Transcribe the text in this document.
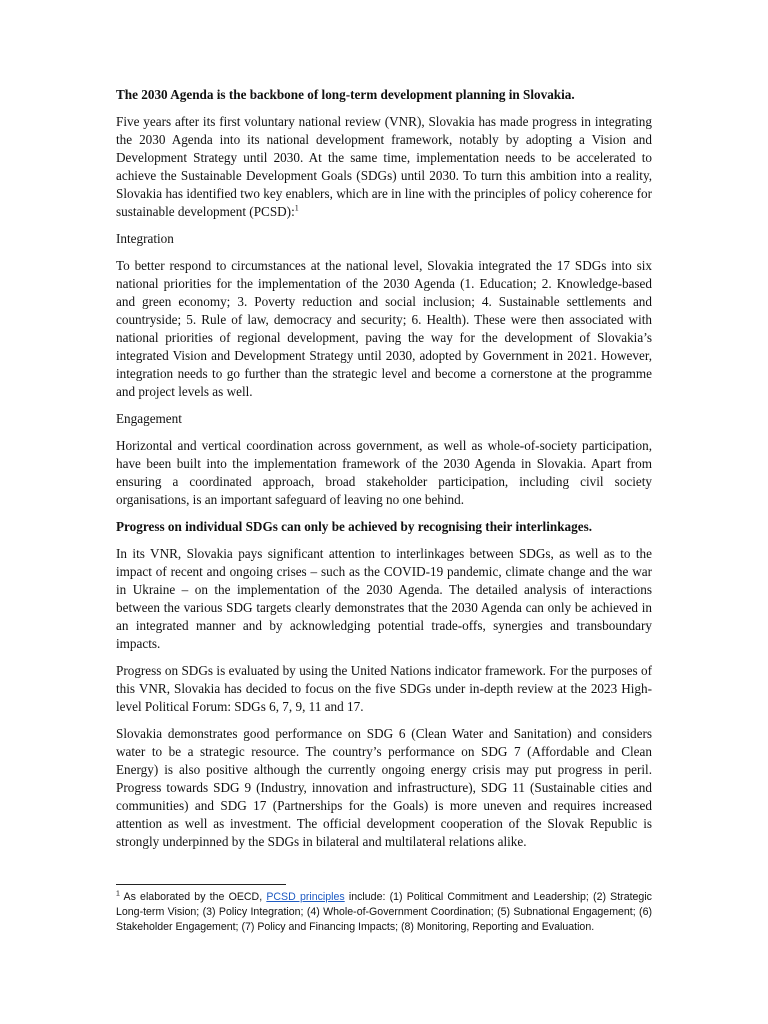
The 2030 Agenda is the backbone of long-term development planning in Slovakia.

Five years after its first voluntary national review (VNR), Slovakia has made progress in integrating the 2030 Agenda into its national development framework, notably by adopting a Vision and Development Strategy until 2030. At the same time, implementation needs to be accelerated to achieve the Sustainable Development Goals (SDGs) until 2030. To turn this ambition into a reality, Slovakia has identified two key enablers, which are in line with the principles of policy coherence for sustainable development (PCSD):$^1$

Integration

To better respond to circumstances at the national level, Slovakia integrated the 17 SDGs into six national priorities for the implementation of the 2030 Agenda (1. Education; 2. Knowledge-based and green economy; 3. Poverty reduction and social inclusion; 4. Sustainable settlements and countryside; 5. Rule of law, democracy and security; 6. Health). These were then associated with national priorities of regional development, paving the way for the development of Slovakia’s integrated Vision and Development Strategy until 2030, adopted by Government in 2021. However, integration needs to go further than the strategic level and become a cornerstone at the programme and project levels as well.

Engagement

Horizontal and vertical coordination across government, as well as whole-of-society participation, have been built into the implementation framework of the 2030 Agenda in Slovakia. Apart from ensuring a coordinated approach, broad stakeholder participation, including civil society organisations, is an important safeguard of leaving no one behind.

Progress on individual SDGs can only be achieved by recognising their interlinkages.

In its VNR, Slovakia pays significant attention to interlinkages between SDGs, as well as to the impact of recent and ongoing crises – such as the COVID-19 pandemic, climate change and the war in Ukraine – on the implementation of the 2030 Agenda. The detailed analysis of interactions between the various SDG targets clearly demonstrates that the 2030 Agenda can only be achieved in an integrated manner and by acknowledging potential trade-offs, synergies and transboundary impacts.

Progress on SDGs is evaluated by using the United Nations indicator framework. For the purposes of this VNR, Slovakia has decided to focus on the five SDGs under in-depth review at the 2023 High-level Political Forum: SDGs 6, 7, 9, 11 and 17.

Slovakia demonstrates good performance on SDG 6 (Clean Water and Sanitation) and considers water to be a strategic resource. The country’s performance on SDG 7 (Affordable and Clean Energy) is also positive although the currently ongoing energy crisis may put progress in peril. Progress towards SDG 9 (Industry, innovation and infrastructure), SDG 11 (Sustainable cities and communities) and SDG 17 (Partnerships for the Goals) is more uneven and requires increased attention as well as investment. The official development cooperation of the Slovak Republic is strongly underpinned by the SDGs in bilateral and multilateral relations alike.

$^1$ As elaborated by the OECD, PCSD principles include: (1) Political Commitment and Leadership; (2) Strategic Long-term Vision; (3) Policy Integration; (4) Whole-of-Government Coordination; (5) Subnational Engagement; (6) Stakeholder Engagement; (7) Policy and Financing Impacts; (8) Monitoring, Reporting and Evaluation.
